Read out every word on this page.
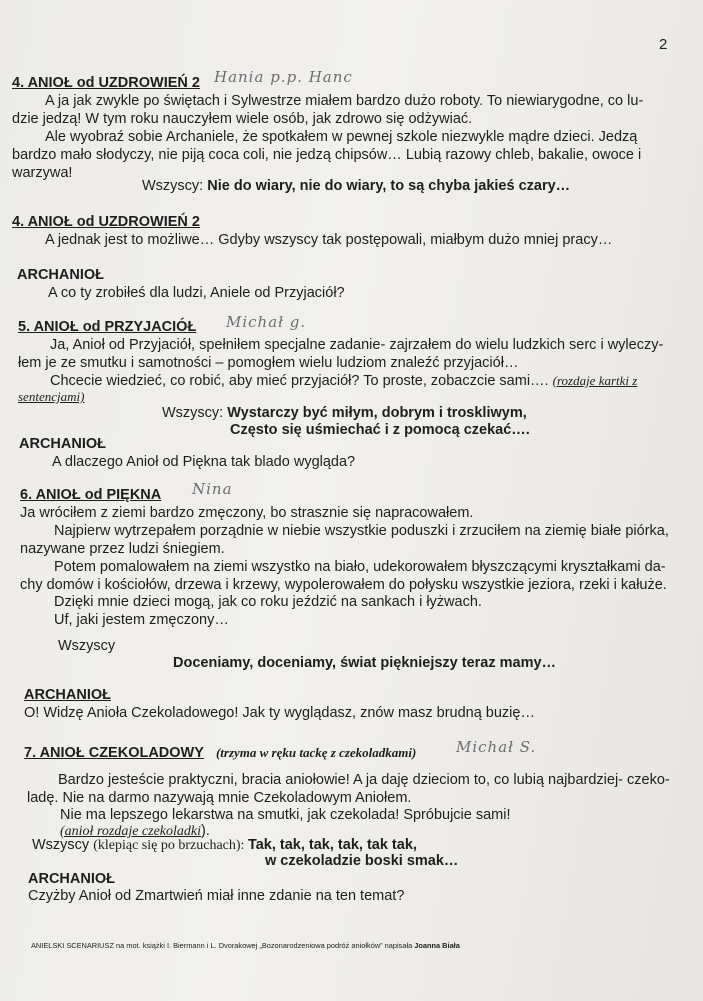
2
4. ANIOŁ od UZDROWIEŃ 2 Hania p.p. Hanc
A ja jak zwykle po świętach i Sylwestrze miałem bardzo dużo roboty. To niewiarygodne, co lu-
dzie jedzą! W tym roku nauczyłem wiele osób, jak zdrowo się odżywiać.
Ale wyobraź sobie Archaniele, że spotkałem w pewnej szkole niezwykle mądre dzieci. Jedzą
bardzo mało słodyczy, nie piją coca coli, nie jedzą chipsów… Lubią razowy chleb, bakalie, owoce i
warzywa!
Wszyscy: Nie do wiary, nie do wiary, to są chyba jakieś czary…
4. ANIOŁ od UZDROWIEŃ 2
A jednak jest to możliwe… Gdyby wszyscy tak postępowali, miałbym dużo mniej pracy…
ARCHANIOŁ
A co ty zrobiłeś dla ludzi, Aniele od Przyjaciół?
5. ANIOŁ od PRZYJACIÓŁ Michał g.
Ja, Anioł od Przyjaciół, spełniłem specjalne zadanie- zajrzałem do wielu ludzkich serc i wyleczy-
łem je ze smutku i samotności – pomogłem wielu ludziom znaleźć przyjaciół…
Chcecie wiedzieć, co robić, aby mieć przyjaciół? To proste, zobaczcie sami…. (rozdaje kartki z
sentencjami)
Wszyscy: Wystarczy być miłym, dobrym i troskliwym,
Często się uśmiechać i z pomocą czekać….
ARCHANIOŁ
A dlaczego Anioł od Piękna tak blado wygląda?
6. ANIOŁ od PIĘKNA Nina
Ja wróciłem z ziemi bardzo zmęczony, bo strasznie się napracowałem.
Najpierw wytrzepałem porządnie w niebie wszystkie poduszki i zrzuciłem na ziemię białe piórka,
nazywane przez ludzi śniegiem.
Potem pomalowałem na ziemi wszystko na biało, udekorowałem błyszczącymi kryształkami da-
chy domów i kościołów, drzewa i krzewy, wypolerowałem do połysku wszystkie jeziora, rzeki i kałuże.
Dzięki mnie dzieci mogą, jak co roku jeździć na sankach i łyżwach.
Uf, jaki jestem zmęczony…
Wszyscy
Doceniamy, doceniamy, świat piękniejszy teraz mamy…
ARCHANIOŁ
O! Widzę Anioła Czekoladowego! Jak ty wyglądasz, znów masz brudną buzię…
7. ANIOŁ CZEKOLADOWY (trzyma w ręku tackę z czekoladkami)	Michał S.
Bardzo jesteście praktyczni, bracia aniołowie! A ja daję dzieciom to, co lubią najbardziej- czeko-
ladę. Nie na darmo nazywają mnie Czekoladowym Aniołem.
Nie ma lepszego lekarstwa na smutki, jak czekolada! Spróbujcie sami!
(anioł rozdaje czekoladki).
Wszyscy (klepiąc się po brzuchach): Tak, tak, tak, tak, tak tak,
w czekoladzie boski smak…
ARCHANIOŁ
Czyżby Anioł od Zmartwień miał inne zdanie na ten temat?
ANIELSKI SCENARIUSZ na mot. książki I. Biermann i L. Dvorakowej „Bozonarodzeniowa podróż aniołków” napisała Joanna Biała
